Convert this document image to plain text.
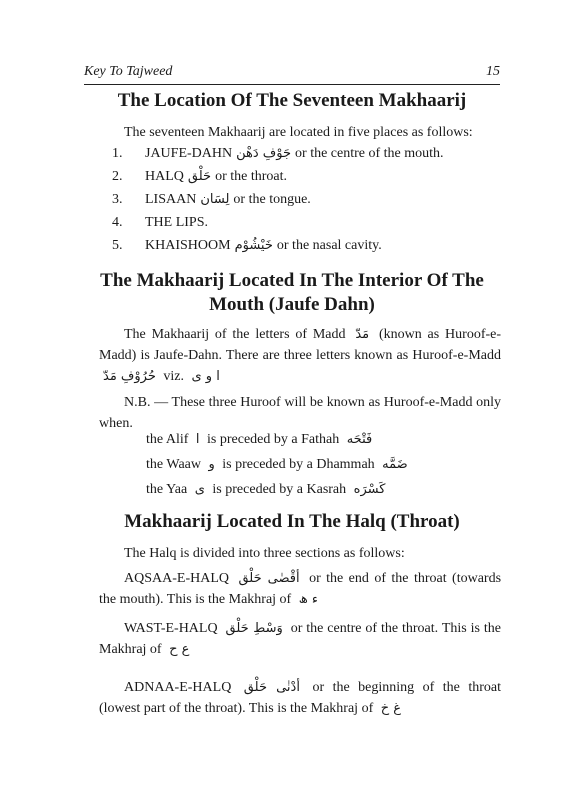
Key To Tajweed	15
The Location Of The Seventeen Makhaarij
The seventeen Makhaarij are located in five places as follows:
1.	JAUFE-DAHN جَوْفِ دَهْن or the centre of the mouth.
2.	HALQ حَلْق or the throat.
3.	LISAAN لِسَان or the tongue.
4.	THE LIPS.
5.	KHAISHOOM خَيْشُوْم or the nasal cavity.
The Makhaarij Located In The Interior Of The
Mouth (Jaufe Dahn)
The Makhaarij of the letters of Madd مَدّ (known as Huroof-e-Madd) is Jaufe-Dahn. There are three letters known as Huroof-e-Madd حُرُوْفِ مَدّ viz. ا و ی
N.B. — These three Huroof will be known as Huroof-e-Madd only when.
the Alif ا is preceded by a Fathah فَتْحَه
the Waaw و is preceded by a Dhammah ضَمَّه
the Yaa ی is preceded by a Kasrah کَسْرَه
Makhaarij Located In The Halq (Throat)
The Halq is divided into three sections as follows:
AQSAA-E-HALQ أقْصٰی حَلْق or the end of the throat (towards the mouth). This is the Makhraj of ء ھ
WAST-E-HALQ وَسْطِ حَلْق or the centre of the throat. This is the Makhraj of ع ح
ADNAA-E-HALQ أدْنٰی حَلْق or the beginning of the throat (lowest part of the throat). This is the Makhraj of غ خ
